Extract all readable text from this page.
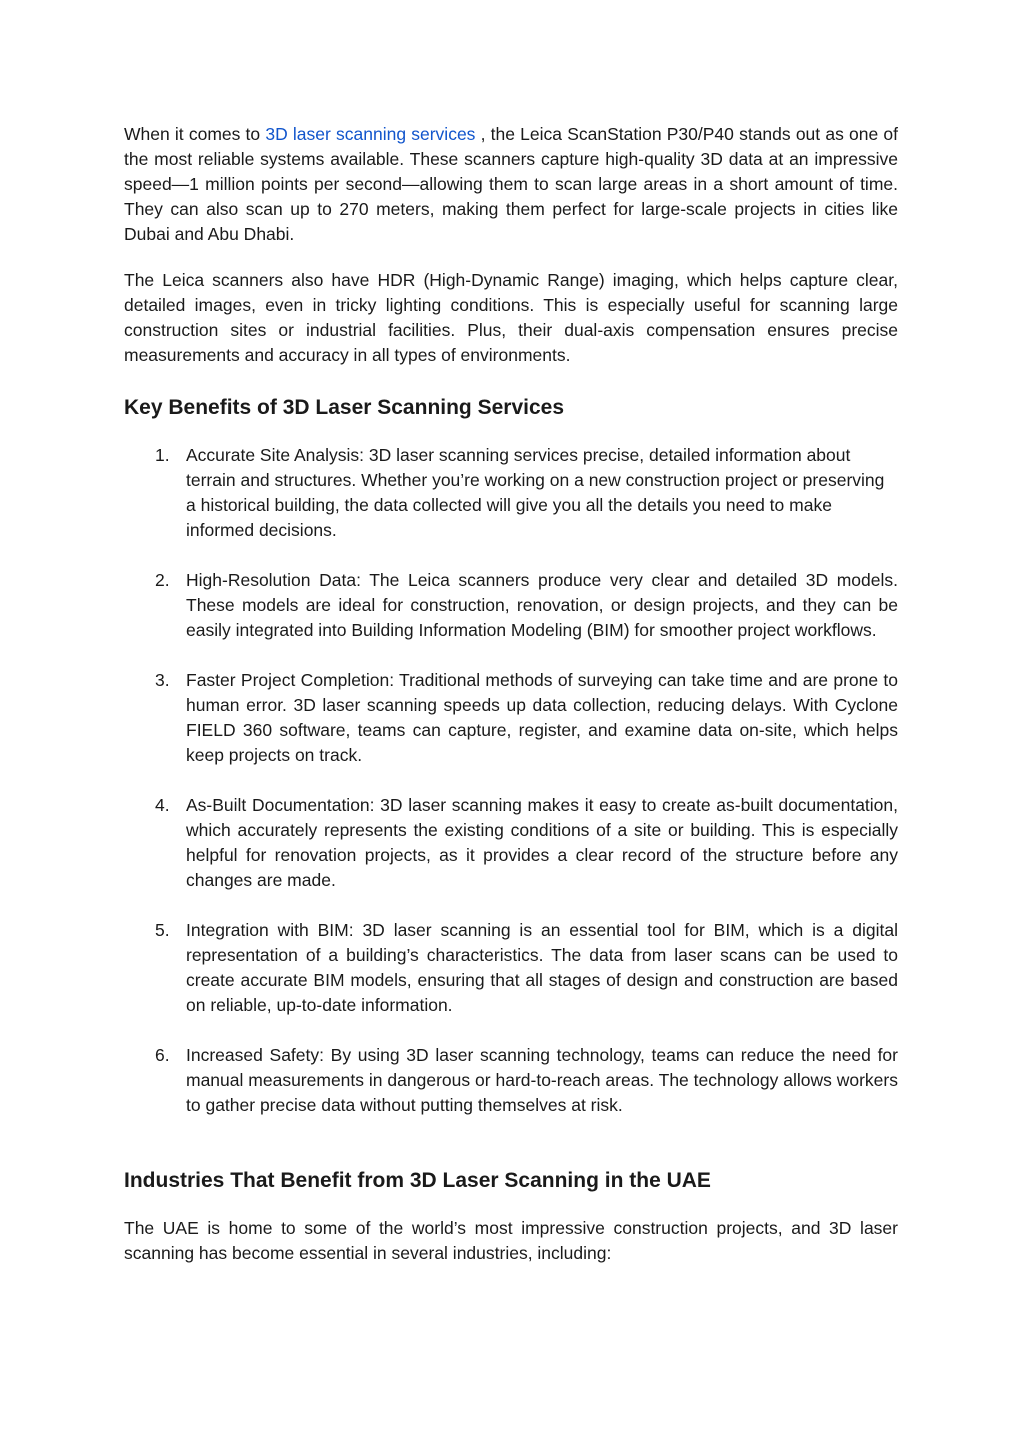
When it comes to 3D laser scanning services , the Leica ScanStation P30/P40 stands out as one of the most reliable systems available. These scanners capture high-quality 3D data at an impressive speed—1 million points per second—allowing them to scan large areas in a short amount of time. They can also scan up to 270 meters, making them perfect for large-scale projects in cities like Dubai and Abu Dhabi.

The Leica scanners also have HDR (High-Dynamic Range) imaging, which helps capture clear, detailed images, even in tricky lighting conditions. This is especially useful for scanning large construction sites or industrial facilities. Plus, their dual-axis compensation ensures precise measurements and accuracy in all types of environments.

Key Benefits of 3D Laser Scanning Services
1. Accurate Site Analysis: 3D laser scanning services precise, detailed information about terrain and structures. Whether you’re working on a new construction project or preserving a historical building, the data collected will give you all the details you need to make informed decisions.
2. High-Resolution Data: The Leica scanners produce very clear and detailed 3D models. These models are ideal for construction, renovation, or design projects, and they can be easily integrated into Building Information Modeling (BIM) for smoother project workflows.
3. Faster Project Completion: Traditional methods of surveying can take time and are prone to human error. 3D laser scanning speeds up data collection, reducing delays. With Cyclone FIELD 360 software, teams can capture, register, and examine data on-site, which helps keep projects on track.
4. As-Built Documentation: 3D laser scanning makes it easy to create as-built documentation, which accurately represents the existing conditions of a site or building. This is especially helpful for renovation projects, as it provides a clear record of the structure before any changes are made.
5. Integration with BIM: 3D laser scanning is an essential tool for BIM, which is a digital representation of a building’s characteristics. The data from laser scans can be used to create accurate BIM models, ensuring that all stages of design and construction are based on reliable, up-to-date information.
6. Increased Safety: By using 3D laser scanning technology, teams can reduce the need for manual measurements in dangerous or hard-to-reach areas. The technology allows workers to gather precise data without putting themselves at risk.
Industries That Benefit from 3D Laser Scanning in the UAE

The UAE is home to some of the world’s most impressive construction projects, and 3D laser scanning has become essential in several industries, including:
